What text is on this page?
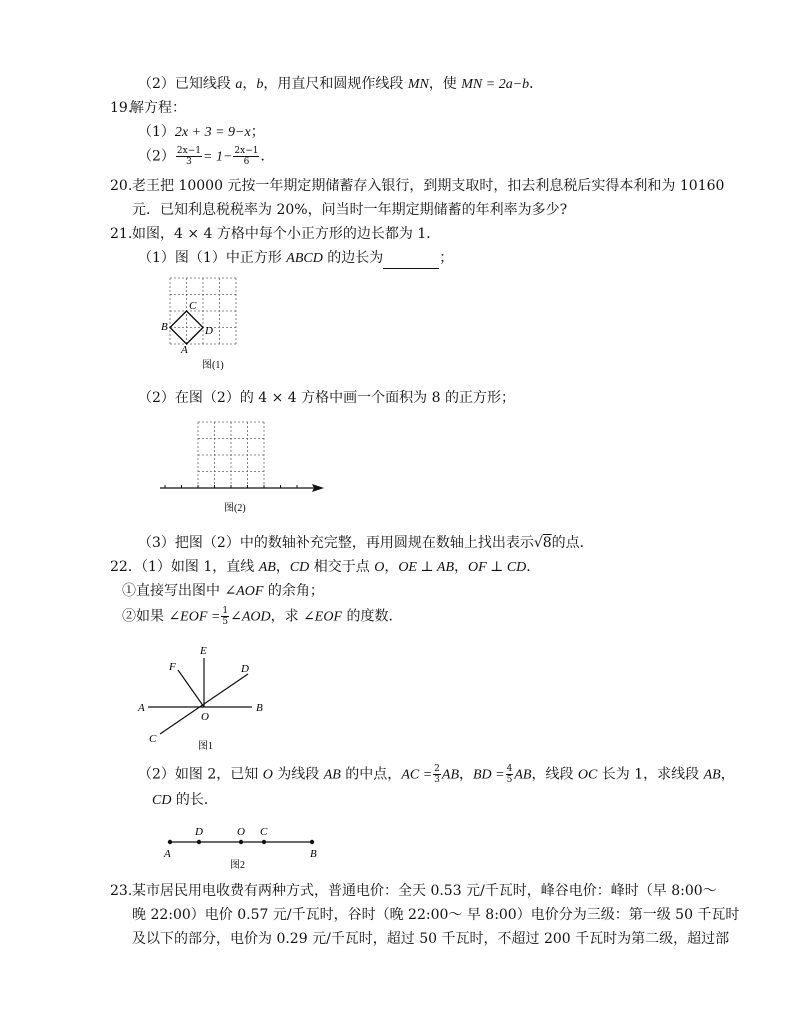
（2）已知线段 a，b，用直尺和圆规作线段 MN，使 MN = 2a−b．
19.
解方程：
（1）2x + 3 = 9−x；
$(2) \frac{2x-1}{3} = 1- \frac{2x-1}{6}$ ．
20. 老王把 10000 元按一年期定期储蓄存入银行，到期支取时，扣去利息税后实得本利和为 10160
元．已知利息税税率为 20%，问当时一年期定期储蓄的年利率为多少?
21. 如图，4 × 4 方格中每个小正方形的边长都为 1．
（1）图（1）中正方形 ABCD 的边长为	；
B
C
D
A
图(1)
（2）在图（2）的 4 × 4 方格中画一个面积为 8 的正方形；
图(2)
（3）把图（2）中的数轴补充完整，再用圆规在数轴上找出表示√8的点．
22．
（1）如图 1，直线 AB，CD 相交于点 O，OE ⊥ AB，OF ⊥ CD．
①直接写出图中 ∠AOF 的余角；
②如果 ∠EOF = $\frac{1}{5}$ ∠AOD，求 ∠EOF 的度数．
E
F	D
A	B
O
C
图1
（2）如图 2，已知 O 为线段 AB 的中点，AC = $\frac{2}{3}$ AB，BD = $\frac{4}{5}$ AB，线段 OC 长为 1，求线段 AB，
CD 的长．
D	O C
A	B
图2
23. 某市居民用电收费有两种方式，普通电价：全天 0.53 元/千瓦时，峰谷电价：峰时（早 8:00～
晚 22:00）电价 0.57 元/千瓦时，谷时（晚 22:00～ 早 8:00）电价分为三级：第一级 50 千瓦时
及以下的部分，电价为 0.29 元/千瓦时，超过 50 千瓦时，不超过 200 千瓦时为第二级，超过部
